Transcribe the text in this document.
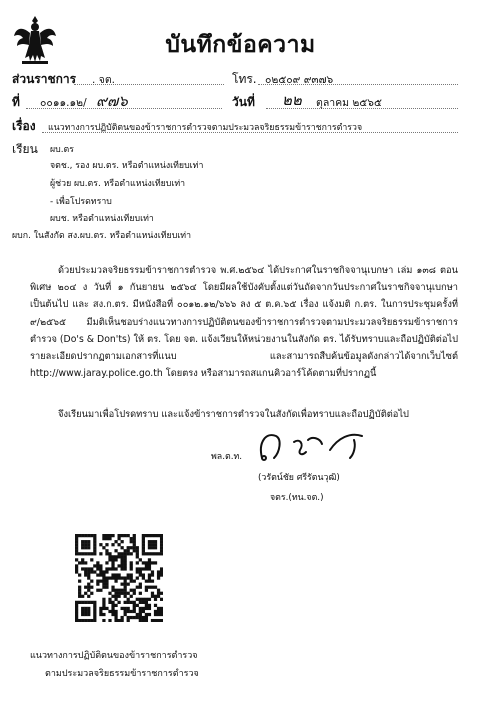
บันทึกข้อความ
ส่วนราชการ . จต.	โทร. ๐๒๕๐๙ ๙๓๗๖
ที่ ๐๐๑๑.๑๒/ ๙๗๖	วันที่ ๒๒ ตุลาคม ๒๕๖๕
เรื่อง แนวทางการปฏิบัติตนของข้าราชการตำรวจตามประมวลจริยธรรมข้าราชการตำรวจ
เรียน ผบ.ตร
จตช., รอง ผบ.ตร. หรือตำแหน่งเทียบเท่า
ผู้ช่วย ผบ.ตร. หรือตำแหน่งเทียบเท่า
- เพื่อโปรดทราบ
ผบช. หรือตำแหน่งเทียบเท่า
ผบก. ในสังกัด สง.ผบ.ตร. หรือตำแหน่งเทียบเท่า
ด้วยประมวลจริยธรรมข้าราชการตำรวจ พ.ศ.๒๕๖๔ ได้ประกาศในราชกิจจานุเบกษา เล่ม ๑๓๘ ตอนพิเศษ ๒๐๔ ง วันที่ ๑ กันยายน ๒๕๖๔ โดยมีผลใช้บังคับตั้งแต่วันถัดจากวันประกาศในราชกิจจานุเบกษาเป็นต้นไป และ สง.ก.ตร. มีหนังสือที่ ๐๐๑๒.๑๒/๖๖๖ ลง ๕ ต.ค.๖๕ เรื่อง แจ้งมติ ก.ตร. ในการประชุมครั้งที่ ๙/๒๕๖๕ มีมติเห็นชอบร่างแนวทางการปฏิบัติตนของข้าราชการตำรวจตามประมวลจริยธรรมข้าราชการตำรวจ (Do's & Don'ts) ให้ ตร. โดย จต. แจ้งเวียนให้หน่วยงานในสังกัด ตร. ได้รับทราบและถือปฏิบัติต่อไป รายละเอียดปรากฏตามเอกสารที่แนบ และสามารถสืบค้นข้อมูลดังกล่าวได้จากเว็บไซต์ http://www.jaray.police.go.th โดยตรง หรือสามารถสแกนคิวอาร์โค้ดตามที่ปรากฏนี้
จึงเรียนมาเพื่อโปรดทราบ และแจ้งข้าราชการตำรวจในสังกัดเพื่อทราบและถือปฏิบัติต่อไป
พล.ต.ท.
(วรัตน์ชัย ศรีรัตนวุฒิ)
จตร.(ทน.จต.)
แนวทางการปฏิบัติตนของข้าราชการตำรวจ
ตามประมวลจริยธรรมข้าราชการตำรวจ
